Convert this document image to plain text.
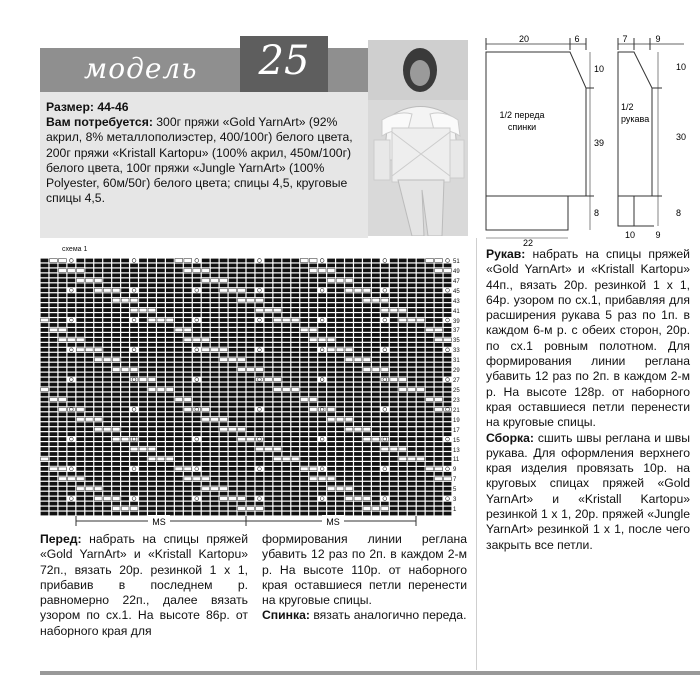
модель	25

Размер: 44-46

Вам потребуется: 300г пряжи «Gold YarnArt» (92% акрил, 8% металлополиэстер, 400/100г) белого цвета, 200г пряжи «Kristall Kartopu» (100% акрил, 450м/100г) белого цвета, 100г пряжи «Jungle YarnArt» (100% Polyester, 60м/50г) белого цвета; спицы 4,5, круговые спицы 4,5.

схема 1
51
49
47
45
43
41
39
37
35
33
31
29
27
25
23
21
19
17
15
13
11
9
7
5
3
1
MS	MS

Перед: набрать на спицы пряжей «Gold YarnArt» и «Kristall Kartopu» 72п., вязать 20р. резинкой 1 х 1, прибавив в последнем р. равномерно 22п., далее вязать узором по сх.1. На высоте 86р. от наборного края для

формирования линии реглана убавить 12 раз по 2п. в каждом 2-м р. На высоте 110р. от наборного края оставшиеся петли перенести на круговые спицы.

Спинка: вязать аналогично переда.

Рукав: набрать на спицы пряжей «Gold YarnArt» и «Kristall Kartopu» 44п., вязать 20р. резинкой 1 х 1, 64р. узором по сх.1, прибавляя для расширения рукава 5 раз по 1п. в каждом 6-м р. с обеих сторон, 20р. по сх.1 ровным полотном. Для формирования линии реглана убавить 12 раз по 2п. в каждом 2-м р. На высоте 128р. от наборного края оставшиеся петли перенести на круговые спицы.

Сборка: сшить швы реглана и швы рукава. Для оформления верхнего края изделия провязать 10р. на круговых спицах пряжей «Gold YarnArt» и «Kristall Kartopu» резинкой 1 х 1, 20р. пряжей «Jungle YarnArt» резинкой 1 х 1, после чего закрыть все петли.

20	6
10
39
8
22
1/2 переда
спинки
7	9
10
30
8
10 9
1/2
рукава
